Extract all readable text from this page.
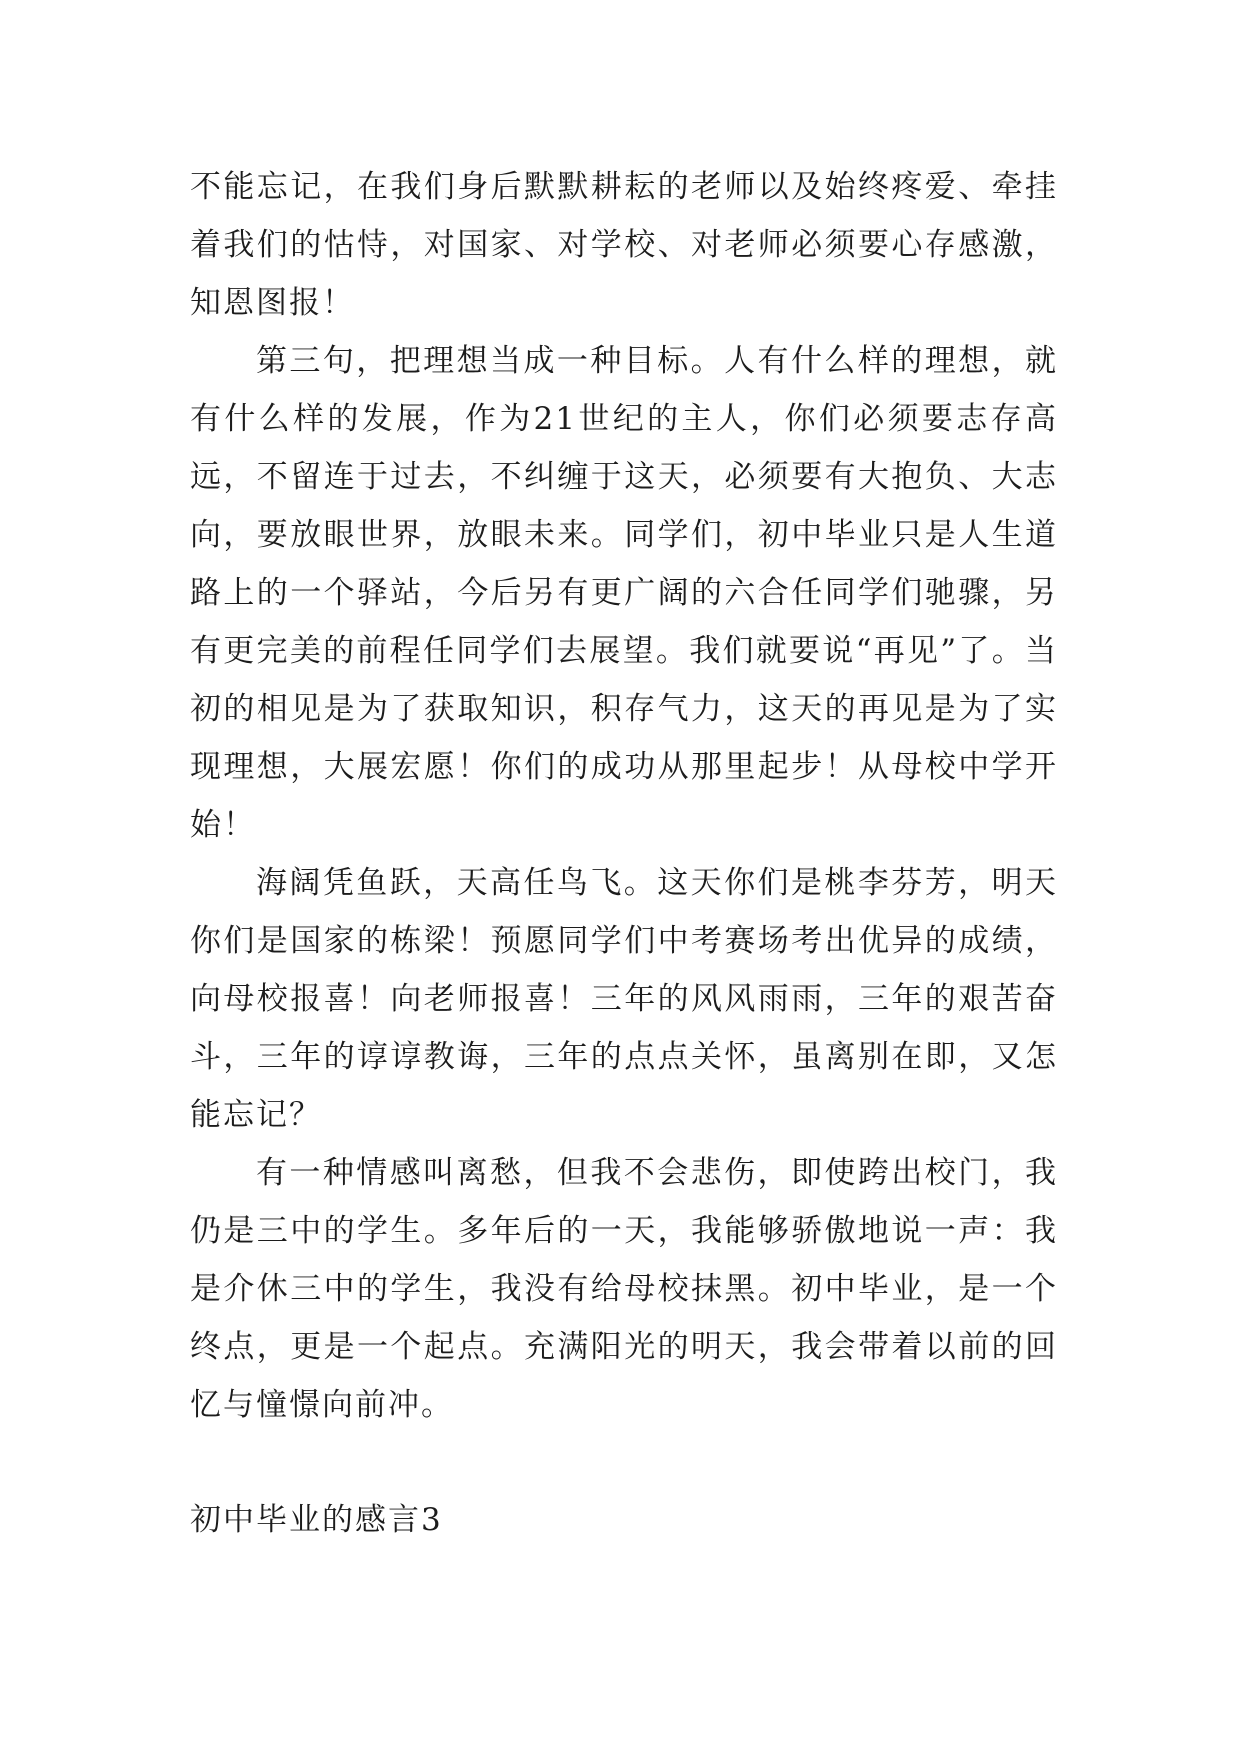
不能忘记，在我们身后默默耕耘的老师以及始终疼爱、牵挂着我们的怙恃，对国家、对学校、对老师必须要心存感激，知恩图报！

第三句，把理想当成一种目标。人有什么样的理想，就有什么样的发展，作为21世纪的主人，你们必须要志存高远，不留连于过去，不纠缠于这天，必须要有大抱负、大志向，要放眼世界，放眼未来。同学们，初中毕业只是人生道路上的一个驿站，今后另有更广阔的六合任同学们驰骤，另有更完美的前程任同学们去展望。我们就要说“再见”了。当初的相见是为了获取知识，积存气力，这天的再见是为了实现理想，大展宏愿！你们的成功从那里起步！从母校中学开始！

海阔凭鱼跃，天高任鸟飞。这天你们是桃李芬芳，明天你们是国家的栋梁！预愿同学们中考赛场考出优异的成绩，向母校报喜！向老师报喜！三年的风风雨雨，三年的艰苦奋斗，三年的谆谆教诲，三年的点点关怀，虽离别在即，又怎能忘记？

有一种情感叫离愁，但我不会悲伤，即使跨出校门，我仍是三中的学生。多年后的一天，我能够骄傲地说一声：我是介休三中的学生，我没有给母校抹黑。初中毕业，是一个终点，更是一个起点。充满阳光的明天，我会带着以前的回忆与憧憬向前冲。

初中毕业的感言3
